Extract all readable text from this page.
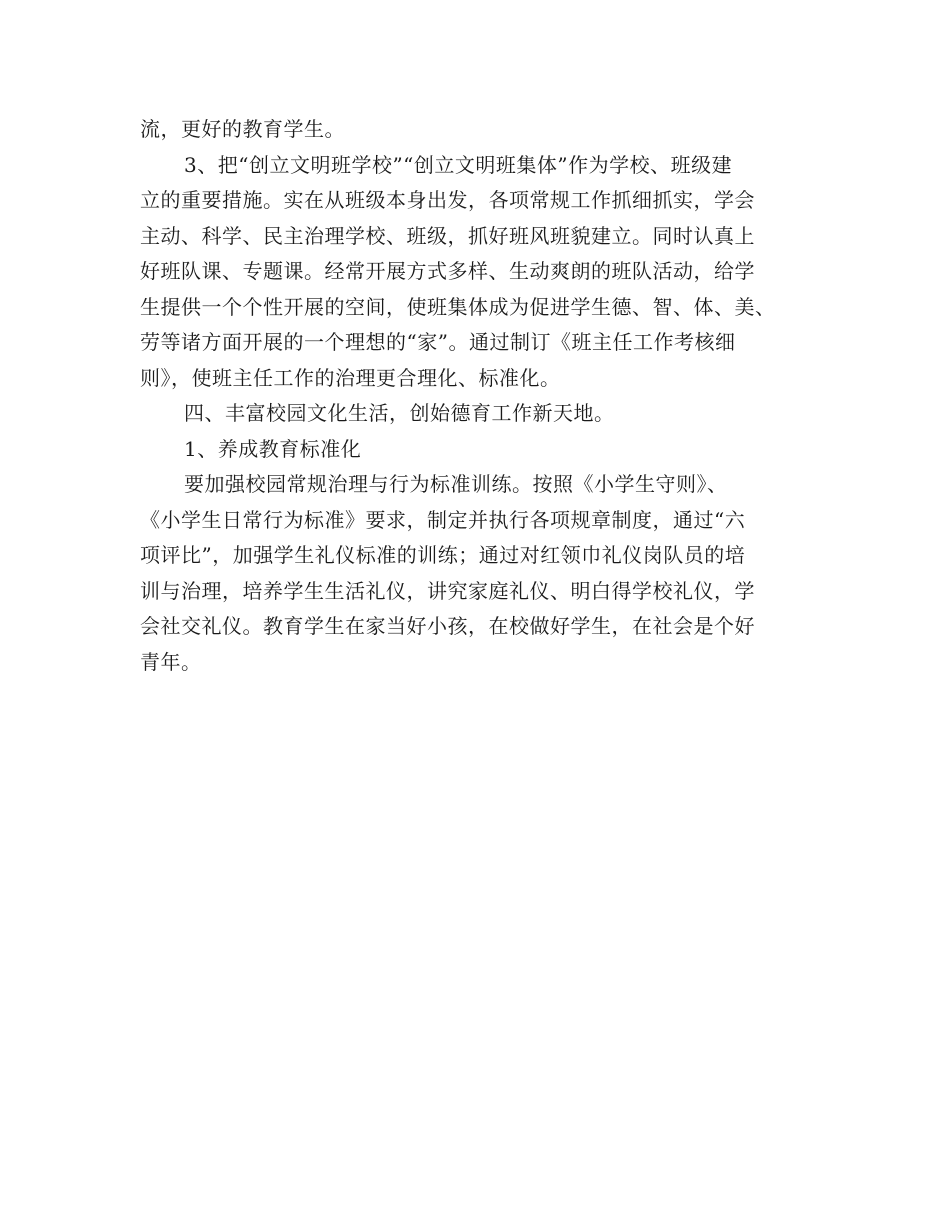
流，更好的教育学生。
3、把“创立文明班学校”“创立文明班集体”作为学校、班级建
立的重要措施。实在从班级本身出发，各项常规工作抓细抓实，学会
主动、科学、民主治理学校、班级，抓好班风班貌建立。同时认真上
好班队课、专题课。经常开展方式多样、生动爽朗的班队活动，给学
生提供一个个性开展的空间，使班集体成为促进学生德、智、体、美、
劳等诸方面开展的一个理想的“家”。通过制订《班主任工作考核细
则》，使班主任工作的治理更合理化、标准化。
四、丰富校园文化生活，创始德育工作新天地。
1、养成教育标准化
要加强校园常规治理与行为标准训练。按照《小学生守则》、
《小学生日常行为标准》要求，制定并执行各项规章制度，通过“六
项评比”，加强学生礼仪标准的训练；通过对红领巾礼仪岗队员的培
训与治理，培养学生生活礼仪，讲究家庭礼仪、明白得学校礼仪，学
会社交礼仪。教育学生在家当好小孩，在校做好学生，在社会是个好
青年。
